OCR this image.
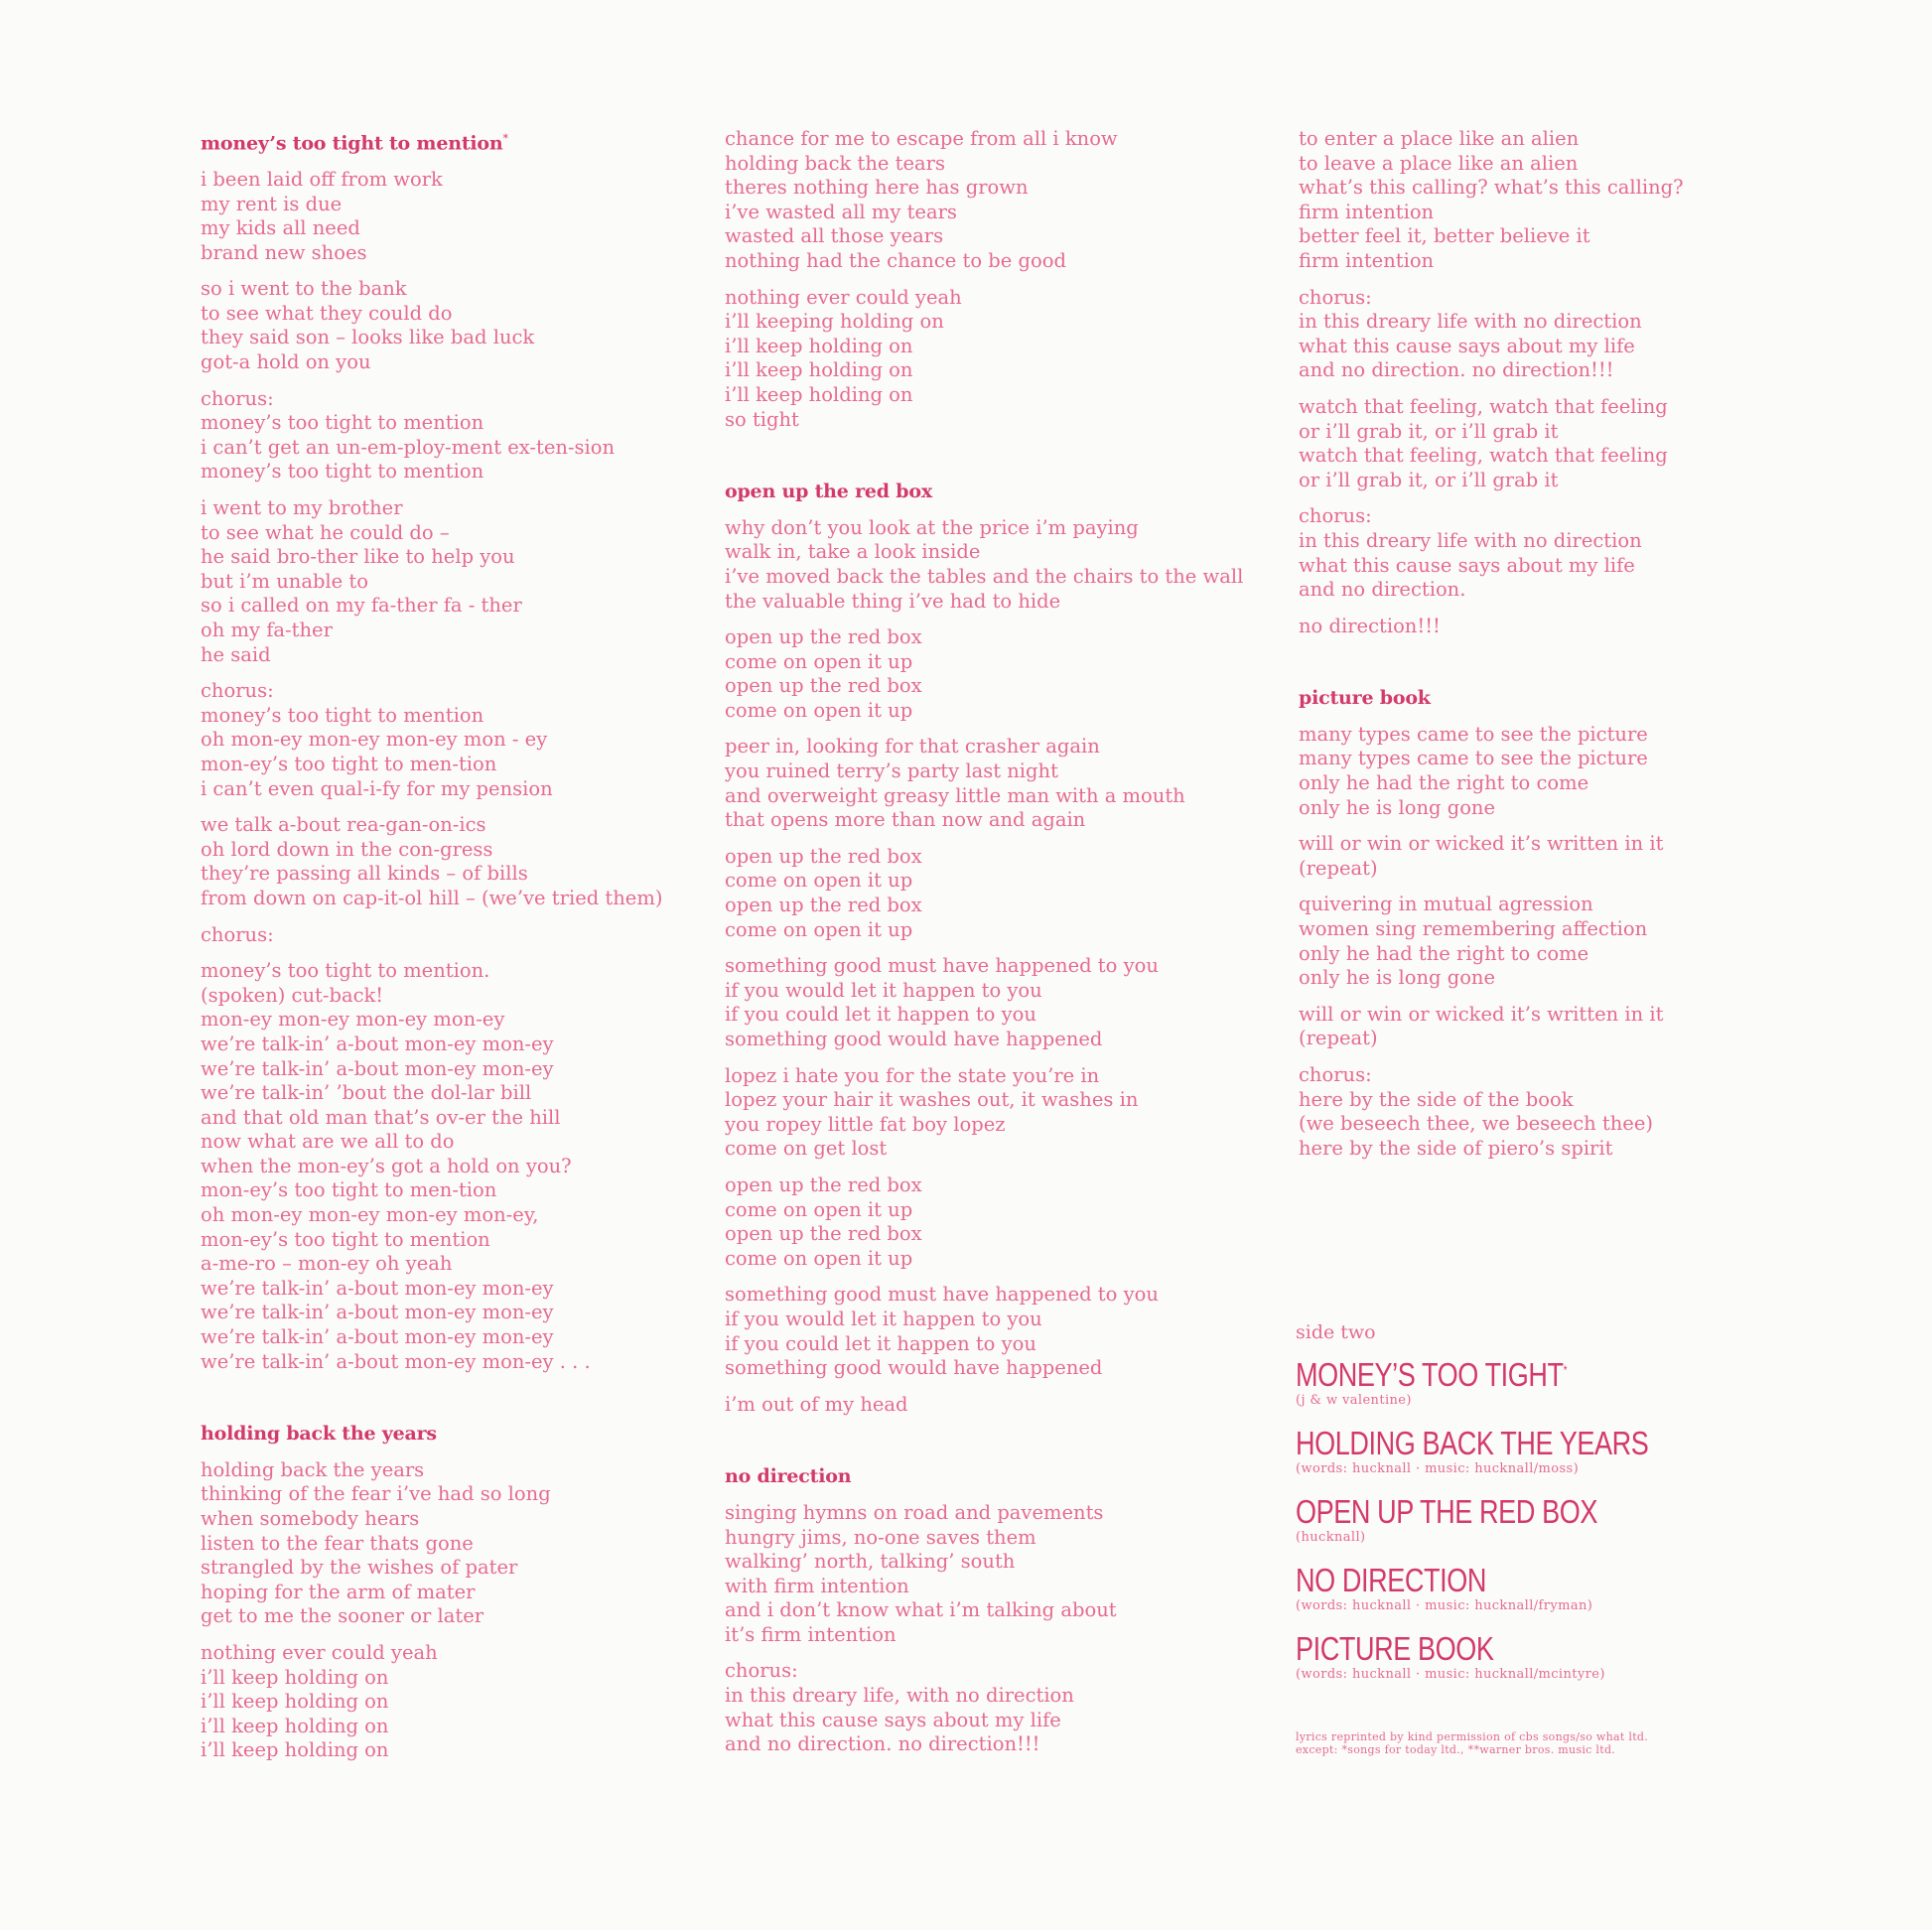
money’s too tight to mention*
i been laid off from work
my rent is due
my kids all need
brand new shoes
so i went to the bank
to see what they could do
they said son – looks like bad luck
got-a hold on you
chorus:
money’s too tight to mention
i can’t get an un-em-ploy-ment ex-ten-sion
money’s too tight to mention
i went to my brother
to see what he could do –
he said bro-ther like to help you
but i’m unable to
so i called on my fa-ther fa - ther
oh my fa-ther
he said
chorus:
money’s too tight to mention
oh mon-ey mon-ey mon-ey mon - ey
mon-ey’s too tight to men-tion
i can’t even qual-i-fy for my pension
we talk a-bout rea-gan-on-ics
oh lord down in the con-gress
they’re passing all kinds – of bills
from down on cap-it-ol hill – (we’ve tried them)
chorus:
money’s too tight to mention.
(spoken) cut-back!
mon-ey mon-ey mon-ey mon-ey
we’re talk-in’ a-bout mon-ey mon-ey
we’re talk-in’ a-bout mon-ey mon-ey
we’re talk-in’ ’bout the dol-lar bill
and that old man that’s ov-er the hill
now what are we all to do
when the mon-ey’s got a hold on you?
mon-ey’s too tight to men-tion
oh mon-ey mon-ey mon-ey mon-ey,
mon-ey’s too tight to mention
a-me-ro – mon-ey oh yeah
we’re talk-in’ a-bout mon-ey mon-ey
we’re talk-in’ a-bout mon-ey mon-ey
we’re talk-in’ a-bout mon-ey mon-ey
we’re talk-in’ a-bout mon-ey mon-ey . . .
holding back the years
holding back the years
thinking of the fear i’ve had so long
when somebody hears
listen to the fear thats gone
strangled by the wishes of pater
hoping for the arm of mater
get to me the sooner or later
nothing ever could yeah
i’ll keep holding on
i’ll keep holding on
i’ll keep holding on
i’ll keep holding on
chance for me to escape from all i know
holding back the tears
theres nothing here has grown
i’ve wasted all my tears
wasted all those years
nothing had the chance to be good
nothing ever could yeah
i’ll keeping holding on
i’ll keep holding on
i’ll keep holding on
i’ll keep holding on
so tight
open up the red box
why don’t you look at the price i’m paying
walk in, take a look inside
i’ve moved back the tables and the chairs to the wall
the valuable thing i’ve had to hide
open up the red box
come on open it up
open up the red box
come on open it up
peer in, looking for that crasher again
you ruined terry’s party last night
and overweight greasy little man with a mouth
that opens more than now and again
open up the red box
come on open it up
open up the red box
come on open it up
something good must have happened to you
if you would let it happen to you
if you could let it happen to you
something good would have happened
lopez i hate you for the state you’re in
lopez your hair it washes out, it washes in
you ropey little fat boy lopez
come on get lost
open up the red box
come on open it up
open up the red box
come on open it up
something good must have happened to you
if you would let it happen to you
if you could let it happen to you
something good would have happened
i’m out of my head
no direction
singing hymns on road and pavements
hungry jims, no-one saves them
walking’ north, talking’ south
with firm intention
and i don’t know what i’m talking about
it’s firm intention
chorus:
in this dreary life, with no direction
what this cause says about my life
and no direction. no direction!!!
to enter a place like an alien
to leave a place like an alien
what’s this calling? what’s this calling?
firm intention
better feel it, better believe it
firm intention
chorus:
in this dreary life with no direction
what this cause says about my life
and no direction. no direction!!!
watch that feeling, watch that feeling
or i’ll grab it, or i’ll grab it
watch that feeling, watch that feeling
or i’ll grab it, or i’ll grab it
chorus:
in this dreary life with no direction
what this cause says about my life
and no direction.
no direction!!!
picture book
many types came to see the picture
many types came to see the picture
only he had the right to come
only he is long gone
will or win or wicked it’s written in it
(repeat)
quivering in mutual agression
women sing remembering affection
only he had the right to come
only he is long gone
will or win or wicked it’s written in it
(repeat)
chorus:
here by the side of the book
(we beseech thee, we beseech thee)
here by the side of piero’s spirit
side two
MONEY’S TOO TIGHT*
(j & w valentine)
HOLDING BACK THE YEARS
(words: hucknall · music: hucknall/moss)
OPEN UP THE RED BOX
(hucknall)
NO DIRECTION
(words: hucknall · music: hucknall/fryman)
PICTURE BOOK
(words: hucknall · music: hucknall/mcintyre)
lyrics reprinted by kind permission of cbs songs/so what ltd.
except: *songs for today ltd., **warner bros. music ltd.
